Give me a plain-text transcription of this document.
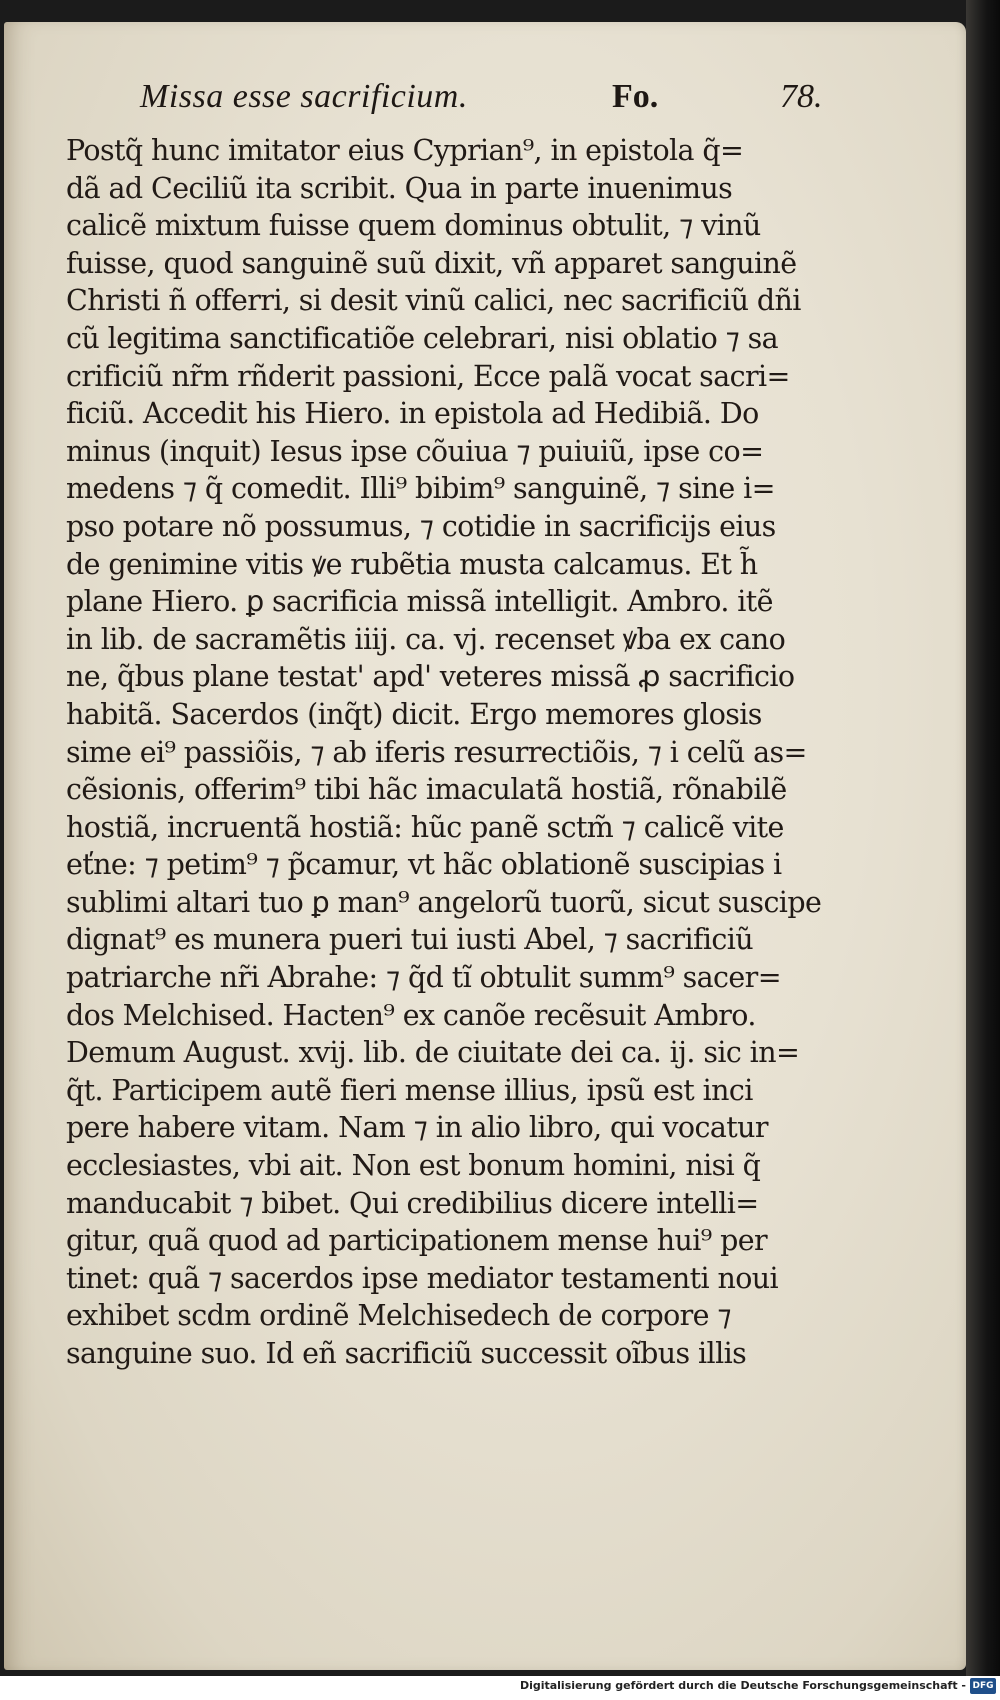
Missa esse sacrificium.	Fo.	78.
Postq̃ hunc imitator eius Cyprian⁹, in epistola q̃=
dã ad Ceciliũ ita scribit. Qua in parte inuenimus
calicẽ mixtum fuisse quem dominus obtulit, ⁊ vinũ
fuisse, quod sanguinẽ suũ dixit, vñ apparet sanguinẽ
Christi ñ offerri, si desit vinũ calici, nec sacrificiũ dñi
cũ legitima sanctificatiõe celebrari, nisi oblatio ⁊ sa
crificiũ nr̃m rñderit passioni, Ecce palã vocat sacri=
ficiũ. Accedit his Hiero. in epistola ad Hedibiã. Do
minus (inquit) Iesus ipse cõuiua ⁊ puiuiũ, ipse co=
medens ⁊ q̃ comedit. Illi⁹ bibim⁹ sanguinẽ, ⁊ sine i=
pso potare nõ possumus, ⁊ cotidie in sacrificijs eius
de genimine vitis ꝟe rubẽtia musta calcamus. Et h̃
plane Hiero. ꝑ sacrificia missã intelligit. Ambro. itẽ
in lib. de sacramẽtis iiij. ca. vj. recenset ꝟba ex cano
ne, q̃bus plane testat' apd' veteres missã ꝓ sacrificio
habitã. Sacerdos (inq̃t) dicit. Ergo memores glosis
sime ei⁹ passiõis, ⁊ ab iferis resurrectiõis, ⁊ i celũ as=
cẽsionis, offerim⁹ tibi hãc imaculatã hostiã, rõnabilẽ
hostiã, incruentã hostiã: hũc panẽ sctm̃ ⁊ calicẽ vite
eťne: ⁊ petim⁹ ⁊ p̃camur, vt hãc oblationẽ suscipias i
sublimi altari tuo ꝑ man⁹ angelorũ tuorũ, sicut suscipe
dignat⁹ es munera pueri tui iusti Abel, ⁊ sacrificiũ
patriarche nr̃i Abrahe: ⁊ q̃d tĩ obtulit summ⁹ sacer=
dos Melchised. Hacten⁹ ex canõe recẽsuit Ambro.
Demum August. xvij. lib. de ciuitate dei ca. ij. sic in=
q̃t. Participem autẽ fieri mense illius, ipsũ est inci
pere habere vitam. Nam ⁊ in alio libro, qui vocatur
ecclesiastes, vbi ait. Non est bonum homini, nisi q̃
manducabit ⁊ bibet. Qui credibilius dicere intelli=
gitur, quã quod ad participationem mense hui⁹ per
tinet: quã ⁊ sacerdos ipse mediator testamenti noui
exhibet scdm ordinẽ Melchisedech de corpore ⁊
sanguine suo. Id eñ sacrificiũ successit oĩbus illis
Digitalisierung gefördert durch die Deutsche Forschungsgemeinschaft - DFG
